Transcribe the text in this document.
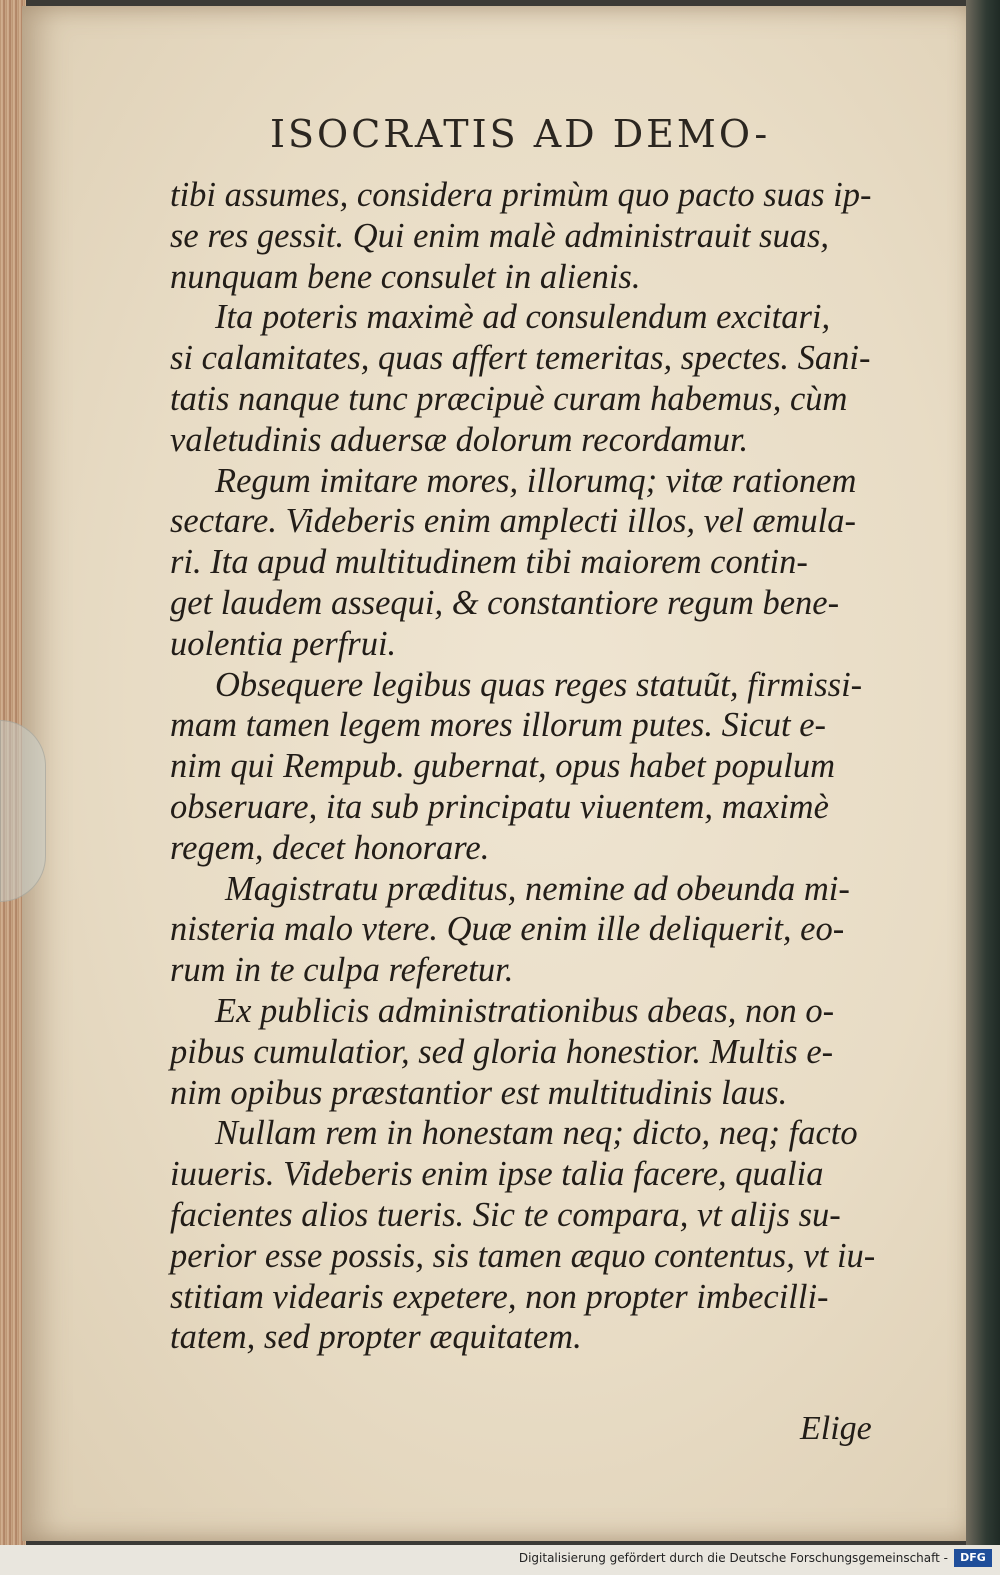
ISOCRATIS AD DEMO-
tibi assumes, considera primùm quo pacto suas ip-
se res gessit. Qui enim malè administrauit suas,
nunquam bene consulet in alienis.
Ita poteris maximè ad consulendum excitari,
si calamitates, quas affert temeritas, spectes. Sani-
tatis nanque tunc præcipuè curam habemus, cùm
valetudinis aduersæ dolorum recordamur.
Regum imitare mores, illorumq; vitæ rationem
sectare. Videberis enim amplecti illos, vel æmula-
ri. Ita apud multitudinem tibi maiorem contin-
get laudem assequi, & constantiore regum bene-
uolentia perfrui.
Obsequere legibus quas reges statuũt, firmissi-
mam tamen legem mores illorum putes. Sicut e-
nim qui Rempub. gubernat, opus habet populum
obseruare, ita sub principatu viuentem, maximè
regem, decet honorare.
Magistratu præditus, nemine ad obeunda mi-
nisteria malo vtere. Quæ enim ille deliquerit, eo-
rum in te culpa referetur.
Ex publicis administrationibus abeas, non o-
pibus cumulatior, sed gloria honestior. Multis e-
nim opibus præstantior est multitudinis laus.
Nullam rem in honestam neq; dicto, neq; facto
iuueris. Videberis enim ipse talia facere, qualia
facientes alios tueris. Sic te compara, vt alijs su-
perior esse possis, sis tamen æquo contentus, vt iu-
stitiam videaris expetere, non propter imbecilli-
tatem, sed propter æquitatem.
Elige
Digitalisierung gefördert durch die Deutsche Forschungsgemeinschaft -	DFG
